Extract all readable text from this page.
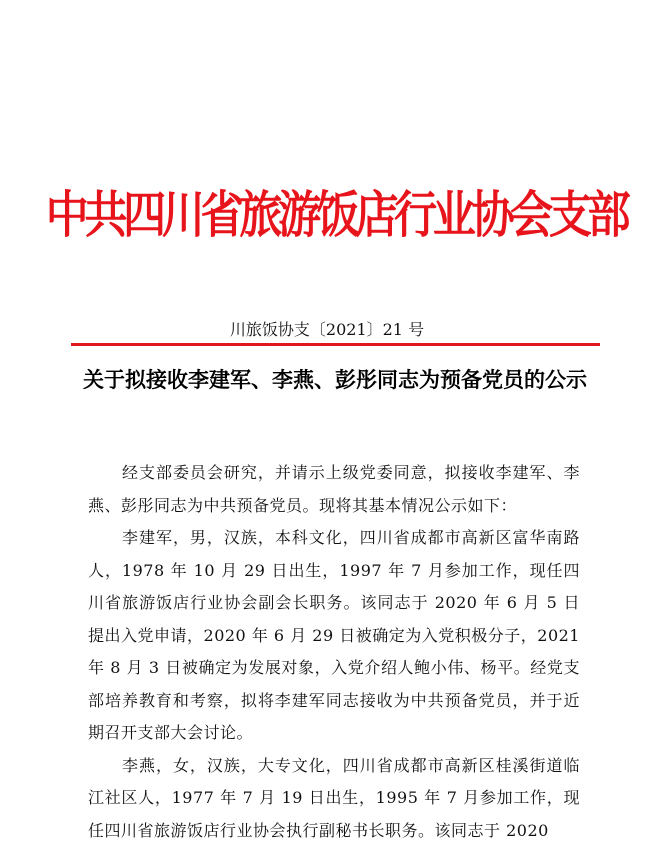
中共四川省旅游饭店行业协会支部
川旅饭协支〔2021〕21 号
关于拟接收李建军、李燕、彭彤同志为预备党员的公示

经支部委员会研究，并请示上级党委同意，拟接收李建军、李燕、彭彤同志为中共预备党员。现将其基本情况公示如下：

李建军，男，汉族，本科文化，四川省成都市高新区富华南路人，1978 年 10 月 29 日出生，1997 年 7 月参加工作，现任四川省旅游饭店行业协会副会长职务。该同志于 2020 年 6 月 5 日提出入党申请，2020 年 6 月 29 日被确定为入党积极分子，2021 年 8 月 3 日被确定为发展对象，入党介绍人鲍小伟、杨平。经党支部培养教育和考察，拟将李建军同志接收为中共预备党员，并于近期召开支部大会讨论。

李燕，女，汉族，大专文化，四川省成都市高新区桂溪街道临江社区人，1977 年 7 月 19 日出生，1995 年 7 月参加工作，现任四川省旅游饭店行业协会执行副秘书长职务。该同志于 2020
